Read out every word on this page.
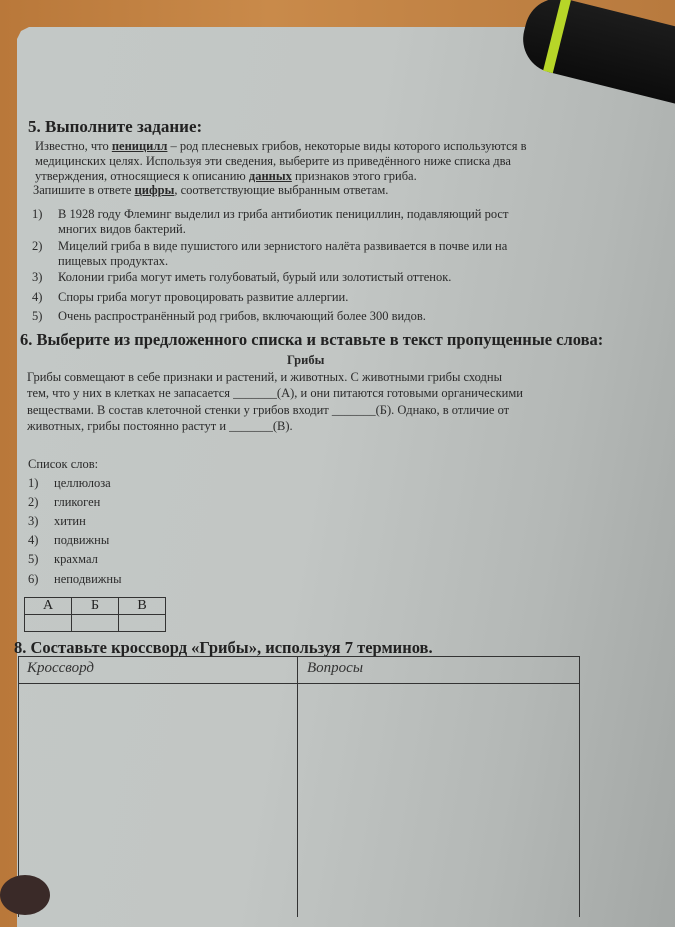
5. Выполните задание:
Известно, что пеницилл – род плесневых грибов, некоторые виды которого используются в
медицинских целях. Используя эти сведения, выберите из приведённого ниже списка два
утверждения, относящиеся к описанию данных признаков этого гриба.
Запишите в ответе цифры, соответствующие выбранным ответам.
1) В 1928 году Флеминг выделил из гриба антибиотик пенициллин, подавляющий рост
многих видов бактерий.
2) Мицелий гриба в виде пушистого или зернистого налёта развивается в почве или на
пищевых продуктах.
3) Колонии гриба могут иметь голубоватый, бурый или золотистый оттенок.
4) Споры гриба могут провоцировать развитие аллергии.
5) Очень распространённый род грибов, включающий более 300 видов.
6. Выберите из предложенного списка и вставьте в текст пропущенные слова:
Грибы
Грибы совмещают в себе признаки и растений, и животных. С животными грибы сходны
тем, что у них в клетках не запасается _______(А), и они питаются готовыми органическими
веществами. В состав клеточной стенки у грибов входит _______(Б). Однако, в отличие от
животных, грибы постоянно растут и _______(В).
Список слов:
1) целлюлоза
2) гликоген
3) хитин
4) подвижны
5) крахмал
6) неподвижны
А	Б	В

8. Составьте кроссворд «Грибы», используя 7 терминов.
Кроссворд	Вопросы
